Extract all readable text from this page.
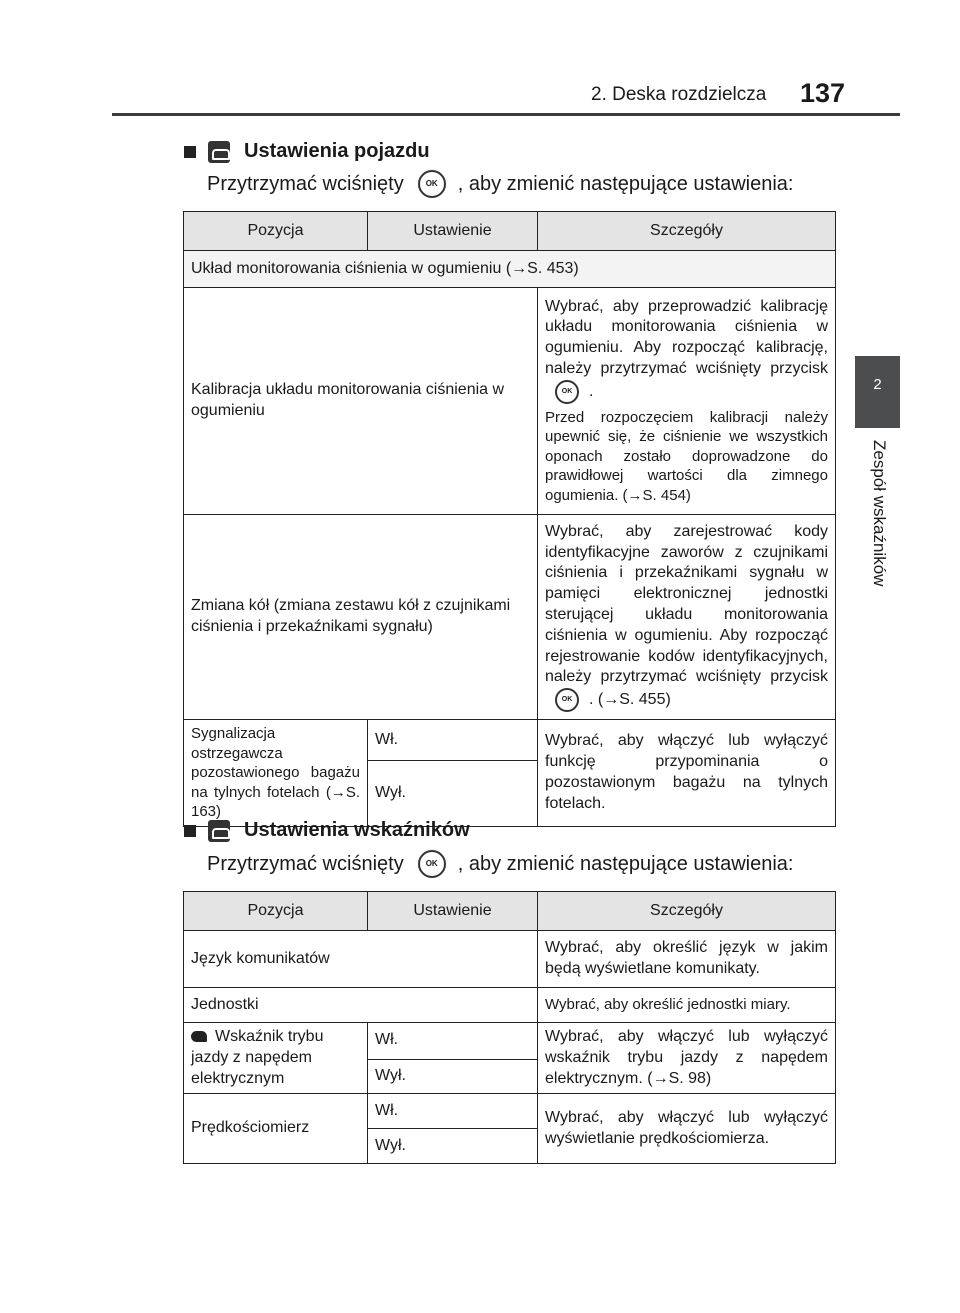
2. Deska rozdzielcza 137
2
Zespół wskaźników
Ustawienia pojazdu
Przytrzymać wciśnięty	OK	, aby zmienić następujące ustawienia:
Pozycja	Ustawienie	Szczegóły
Układ monitorowania ciśnienia w ogumieniu (→S. 453)		
Kalibracja układu monitorowania ciśnienia w ogumieniu		Wybrać, aby przeprowadzić kalibrację układu monitorowania ciśnienia w ogumieniu. Aby rozpocząć kalibrację, należy przytrzymać wciśnięty przyciskOK .
Przed rozpoczęciem kalibracji należy upewnić się, że ciśnienie we wszystkich oponach zostało doprowadzone do prawidłowej wartości dla zimnego ogumienia. (→S. 454)

Zmiana kół (zmiana zestawu kół z czujnikami ciśnienia i przekaźnikami sygnału)		Wybrać, aby zarejestrować kody identyfikacyjne zaworów z czujnikami ciśnienia i przekaźnikami sygnału w pamięci elektronicznej jednostki sterującej układu monitorowania ciśnienia w ogumieniu. Aby rozpocząć rejestrowanie kodów identyfikacyjnych, należy przytrzymać wciśnięty przyciskOK . (→S. 455)
Sygnalizacja ostrzegawcza pozostawionego bagażu na tylnych fotelach (→S. 163)	Wł.	Wybrać, aby włączyć lub wyłączyć funkcję przypominania o pozostawionym bagażu na tylnych fotelach.
	Wył.	
Ustawienia wskaźników
Przytrzymać wciśnięty	OK	, aby zmienić następujące ustawienia:
Pozycja	Ustawienie	Szczegóły
Język komunikatów		Wybrać, aby określić język w jakim będą wyświetlane komunikaty.
Jednostki		Wybrać, aby określić jednostki miary.
Wskaźnik trybu jazdy z napędem elektrycznym	Wł.	Wybrać, aby włączyć lub wyłączyć wskaźnik trybu jazdy z napędem elektrycznym. (→S. 98)
	Wył.	
Prędkościomierz	Wł.	Wybrać, aby włączyć lub wyłączyć wyświetlanie prędkościomierza.
	Wył.	
